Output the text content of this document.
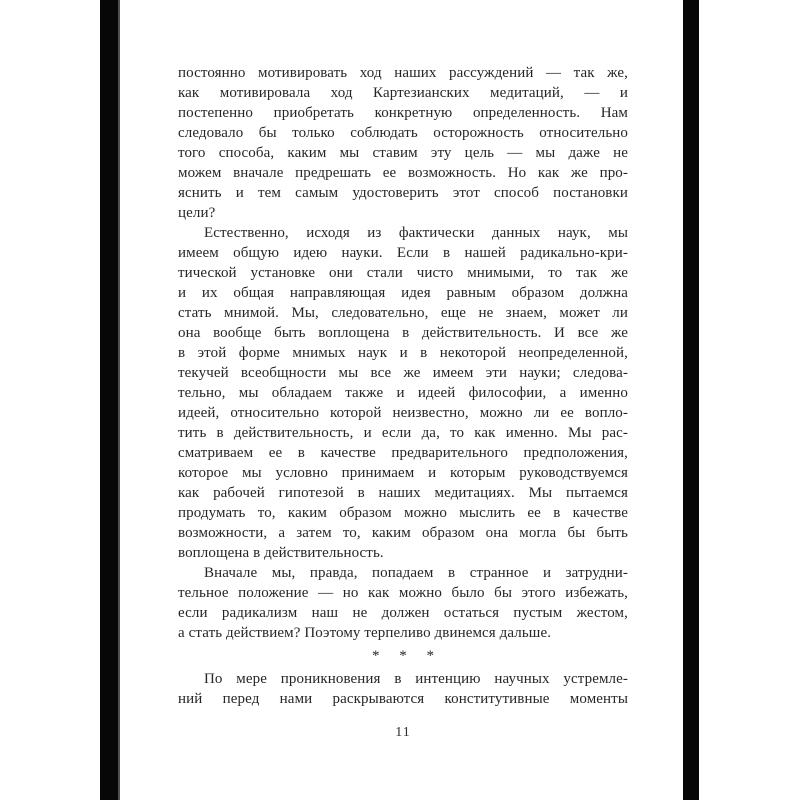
постоянно мотивировать ход наших рассуждений — так же,
как мотивировала ход Картезианских медитаций, — и
постепенно приобретать конкретную определенность. Нам
следовало бы только соблюдать осторожность относительно
того способа, каким мы ставим эту цель — мы даже не
можем вначале предрешать ее возможность. Но как же про-
яснить и тем самым удостоверить этот способ постановки
цели?

Естественно, исходя из фактически данных наук, мы
имеем общую идею науки. Если в нашей радикально-кри-
тической установке они стали чисто мнимыми, то так же
и их общая направляющая идея равным образом должна
стать мнимой. Мы, следовательно, еще не знаем, может ли
она вообще быть воплощена в действительность. И все же
в этой форме мнимых наук и в некоторой неопределенной,
текучей всеобщности мы все же имеем эти науки; следова-
тельно, мы обладаем также и идеей философии, а именно
идеей, относительно которой неизвестно, можно ли ее вопло-
тить в действительность, и если да, то как именно. Мы рас-
сматриваем ее в качестве предварительного предположения,
которое мы условно принимаем и которым руководствуемся
как рабочей гипотезой в наших медитациях. Мы пытаемся
продумать то, каким образом можно мыслить ее в качестве
возможности, а затем то, каким образом она могла бы быть
воплощена в действительность.

Вначале мы, правда, попадаем в странное и затрудни-
тельное положение — но как можно было бы этого избежать,
если радикализм наш не должен остаться пустым жестом,
а стать действием? Поэтому терпеливо двинемся дальше.

* * *

По мере проникновения в интенцию научных устремле-
ний перед нами раскрываются конститутивные моменты

11
